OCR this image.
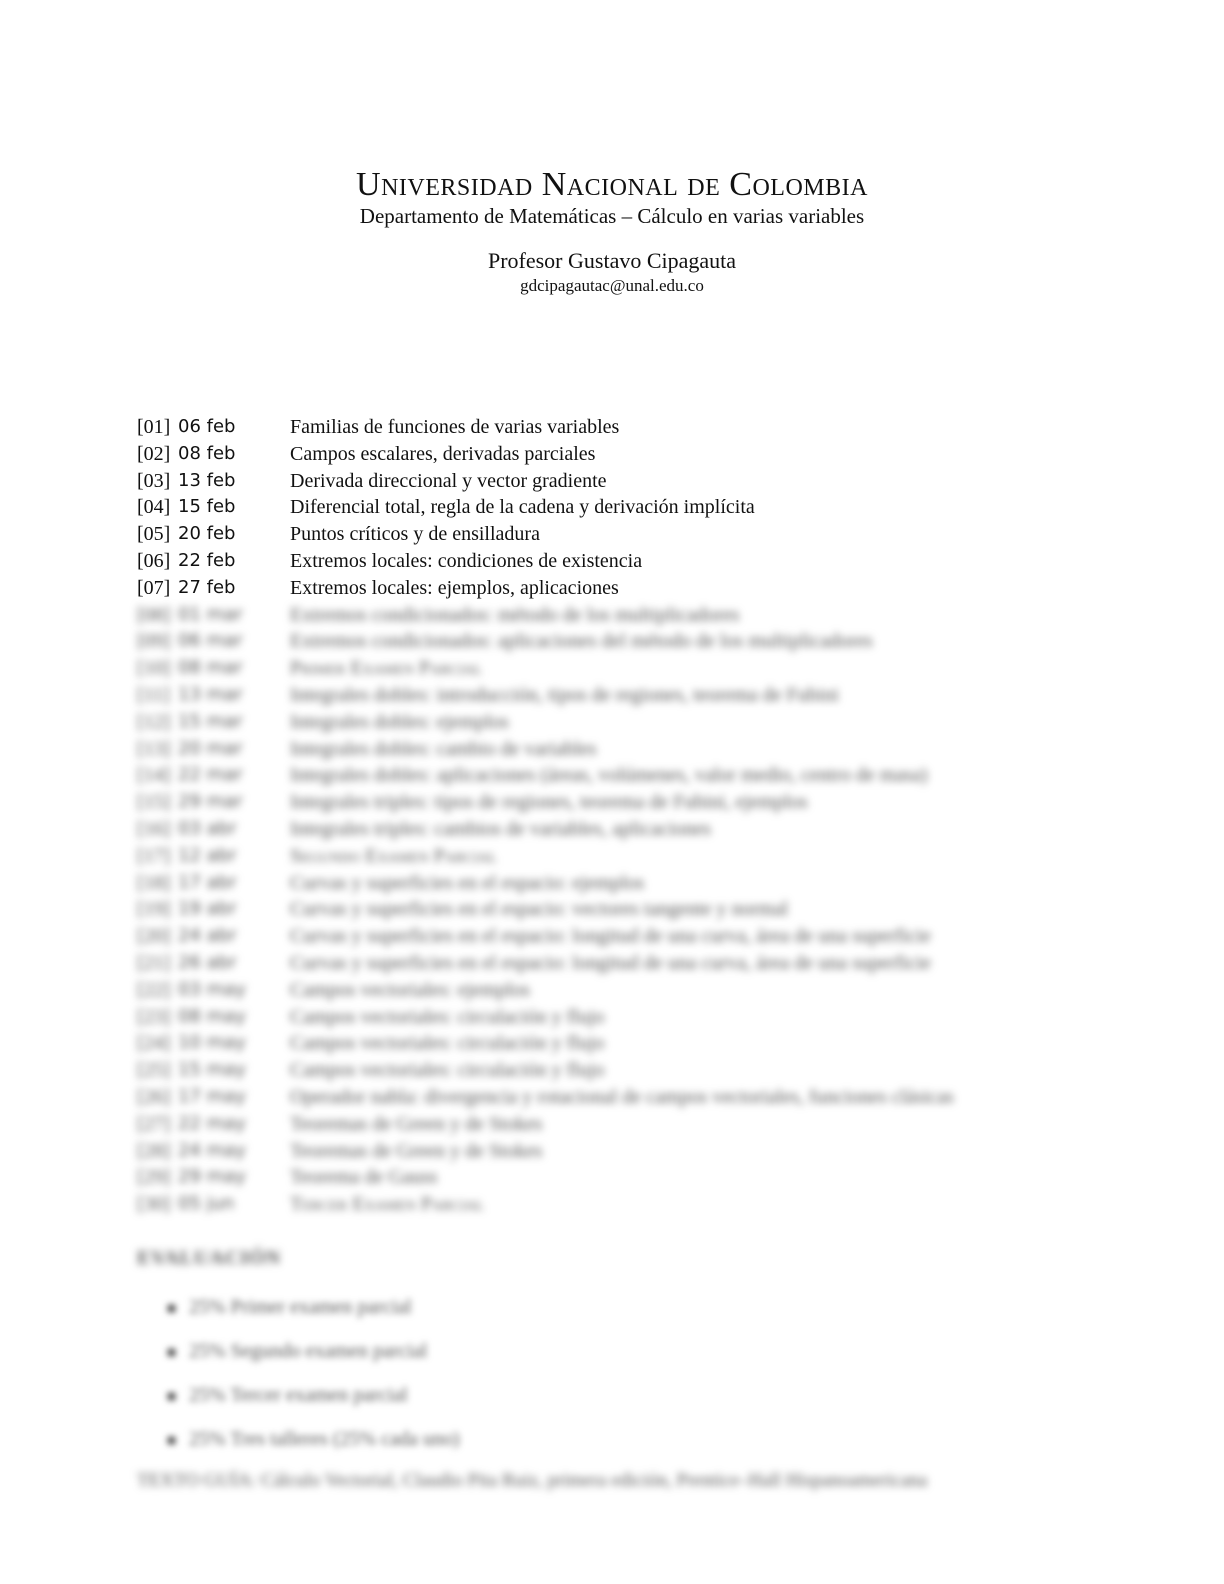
Universidad Nacional de Colombia
Departamento de Matemáticas – Cálculo en varias variables
Profesor Gustavo Cipagauta
gdcipagautac@unal.edu.co
[01] 06 feb	Familias de funciones de varias variables
[02] 08 feb	Campos escalares, derivadas parciales
[03] 13 feb	Derivada direccional y vector gradiente
[04] 15 feb	Diferencial total, regla de la cadena y derivación implícita
[05] 20 feb	Puntos críticos y de ensilladura
[06] 22 feb	Extremos locales: condiciones de existencia
[07] 27 feb	Extremos locales: ejemplos, aplicaciones
[08] 01 mar Extremos condicionados: método de los multiplicadores
[09] 06 mar Extremos condicionados: aplicaciones del método de los multiplicadores
[10] 08 mar Primer Examen Parcial
[11] 13 mar Integrales dobles: introducción, tipos de regiones, teorema de Fubini
[12] 15 mar Integrales dobles: ejemplos
[13] 20 mar Integrales dobles: cambio de variables
[14] 22 mar Integrales dobles: aplicaciones (áreas, volúmenes, valor medio, centro de masa)
[15] 29 mar Integrales triples: tipos de regiones, teorema de Fubini, ejemplos
[16] 03 abr	Integrales triples: cambios de variables, aplicaciones
[17] 12 abr	Segundo Examen Parcial
[18] 17 abr	Curvas y superficies en el espacio: ejemplos
[19] 19 abr	Curvas y superficies en el espacio: vectores tangente y normal
[20] 24 abr	Curvas y superficies en el espacio: longitud de una curva, área de una superficie
[21] 26 abr	Curvas y superficies en el espacio: longitud de una curva, área de una superficie
[22] 03 may Campos vectoriales: ejemplos
[23] 08 may Campos vectoriales: circulación y flujo
[24] 10 may Campos vectoriales: circulación y flujo
[25] 15 may Campos vectoriales: circulación y flujo
[26] 17 may Operador nabla: divergencia y rotacional de campos vectoriales, funciones clásicas
[27] 22 may Teoremas de Green y de Stokes
[28] 24 may Teoremas de Green y de Stokes
[29] 29 may Teorema de Gauss
[30] 05 jun	Tercer Examen Parcial
EVALUACIÓN
25% Primer examen parcial
25% Segundo examen parcial
25% Tercer examen parcial
25% Tres talleres (25% cada uno)
TEXTO GUÍA: Cálculo Vectorial, Claudio Pita Ruiz, primera edición, Prentice–Hall Hispanoamericana
